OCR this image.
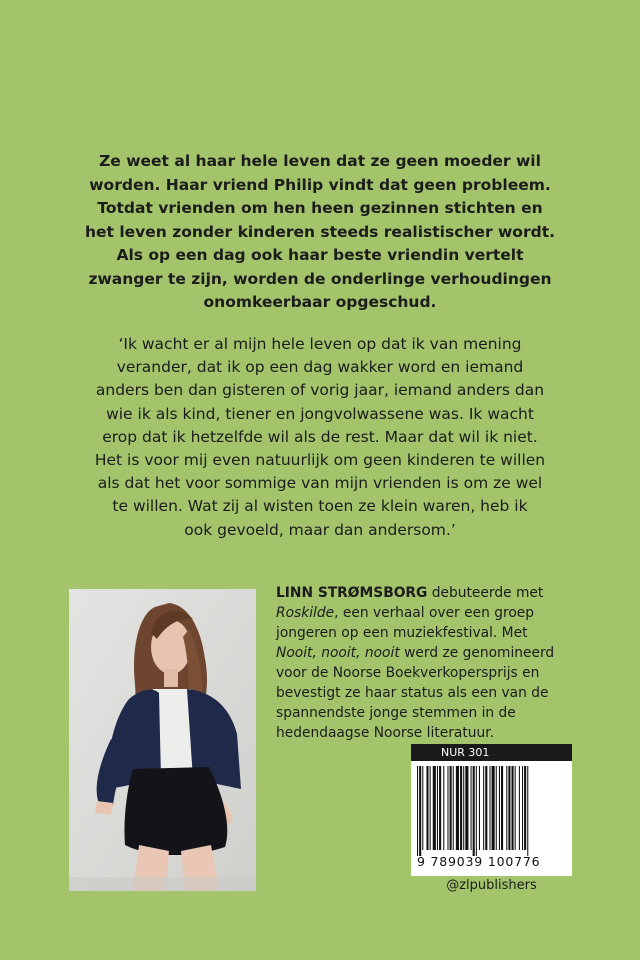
Ze weet al haar hele leven dat ze geen moeder wil

worden. Haar vriend Philip vindt dat geen probleem.

Totdat vrienden om hen heen gezinnen stichten en

het leven zonder kinderen steeds realistischer wordt.

Als op een dag ook haar beste vriendin vertelt

zwanger te zijn, worden de onderlinge verhoudingen

onomkeerbaar opgeschud.

‘Ik wacht er al mijn hele leven op dat ik van mening
verander, dat ik op een dag wakker word en iemand
anders ben dan gisteren of vorig jaar, iemand anders dan
wie ik als kind, tiener en jongvolwassene was. Ik wacht
erop dat ik hetzelfde wil als de rest. Maar dat wil ik niet.
Het is voor mij even natuurlijk om geen kinderen te willen
als dat het voor sommige van mijn vrienden is om ze wel
te willen. Wat zij al wisten toen ze klein waren, heb ik
ook gevoeld, maar dan andersom.’

LINN STRØMSBORG debuteerde met
Roskilde, een verhaal over een groep jongeren op een muziekfestival. Met Nooit, nooit, nooit werd ze genomineerd voor de Noorse Boekverkopersprijs en bevestigt ze haar status als een van de spannendste jonge stemmen in de hedendaagse Noorse literatuur.

NUR 301
9 789039 100776
@zlpublishers
